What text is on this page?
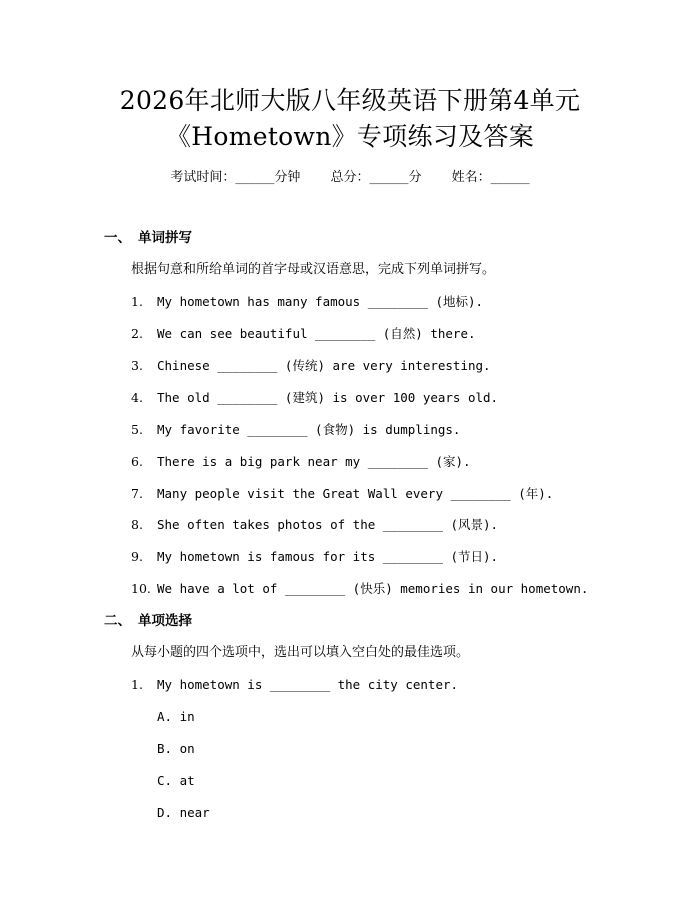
2026年北师大版八年级英语下册第4单元
《Hometown》专项练习及答案
考试时间：______分钟 总分：______分 姓名：______
一、 单词拼写
根据句意和所给单词的首字母或汉语意思，完成下列单词拼写。
1. My hometown has many famous ________ (地标).
2. We can see beautiful ________ (自然) there.
3. Chinese ________ (传统) are very interesting.
4. The old ________ (建筑) is over 100 years old.
5. My favorite ________ (食物) is dumplings.
6. There is a big park near my ________ (家).
7. Many people visit the Great Wall every ________ (年).
8. She often takes photos of the ________ (风景).
9. My hometown is famous for its ________ (节日).
10. We have a lot of ________ (快乐) memories in our hometown.
二、 单项选择
从每小题的四个选项中，选出可以填入空白处的最佳选项。
1. My hometown is ________ the city center.
A. in
B. on
C. at
D. near
